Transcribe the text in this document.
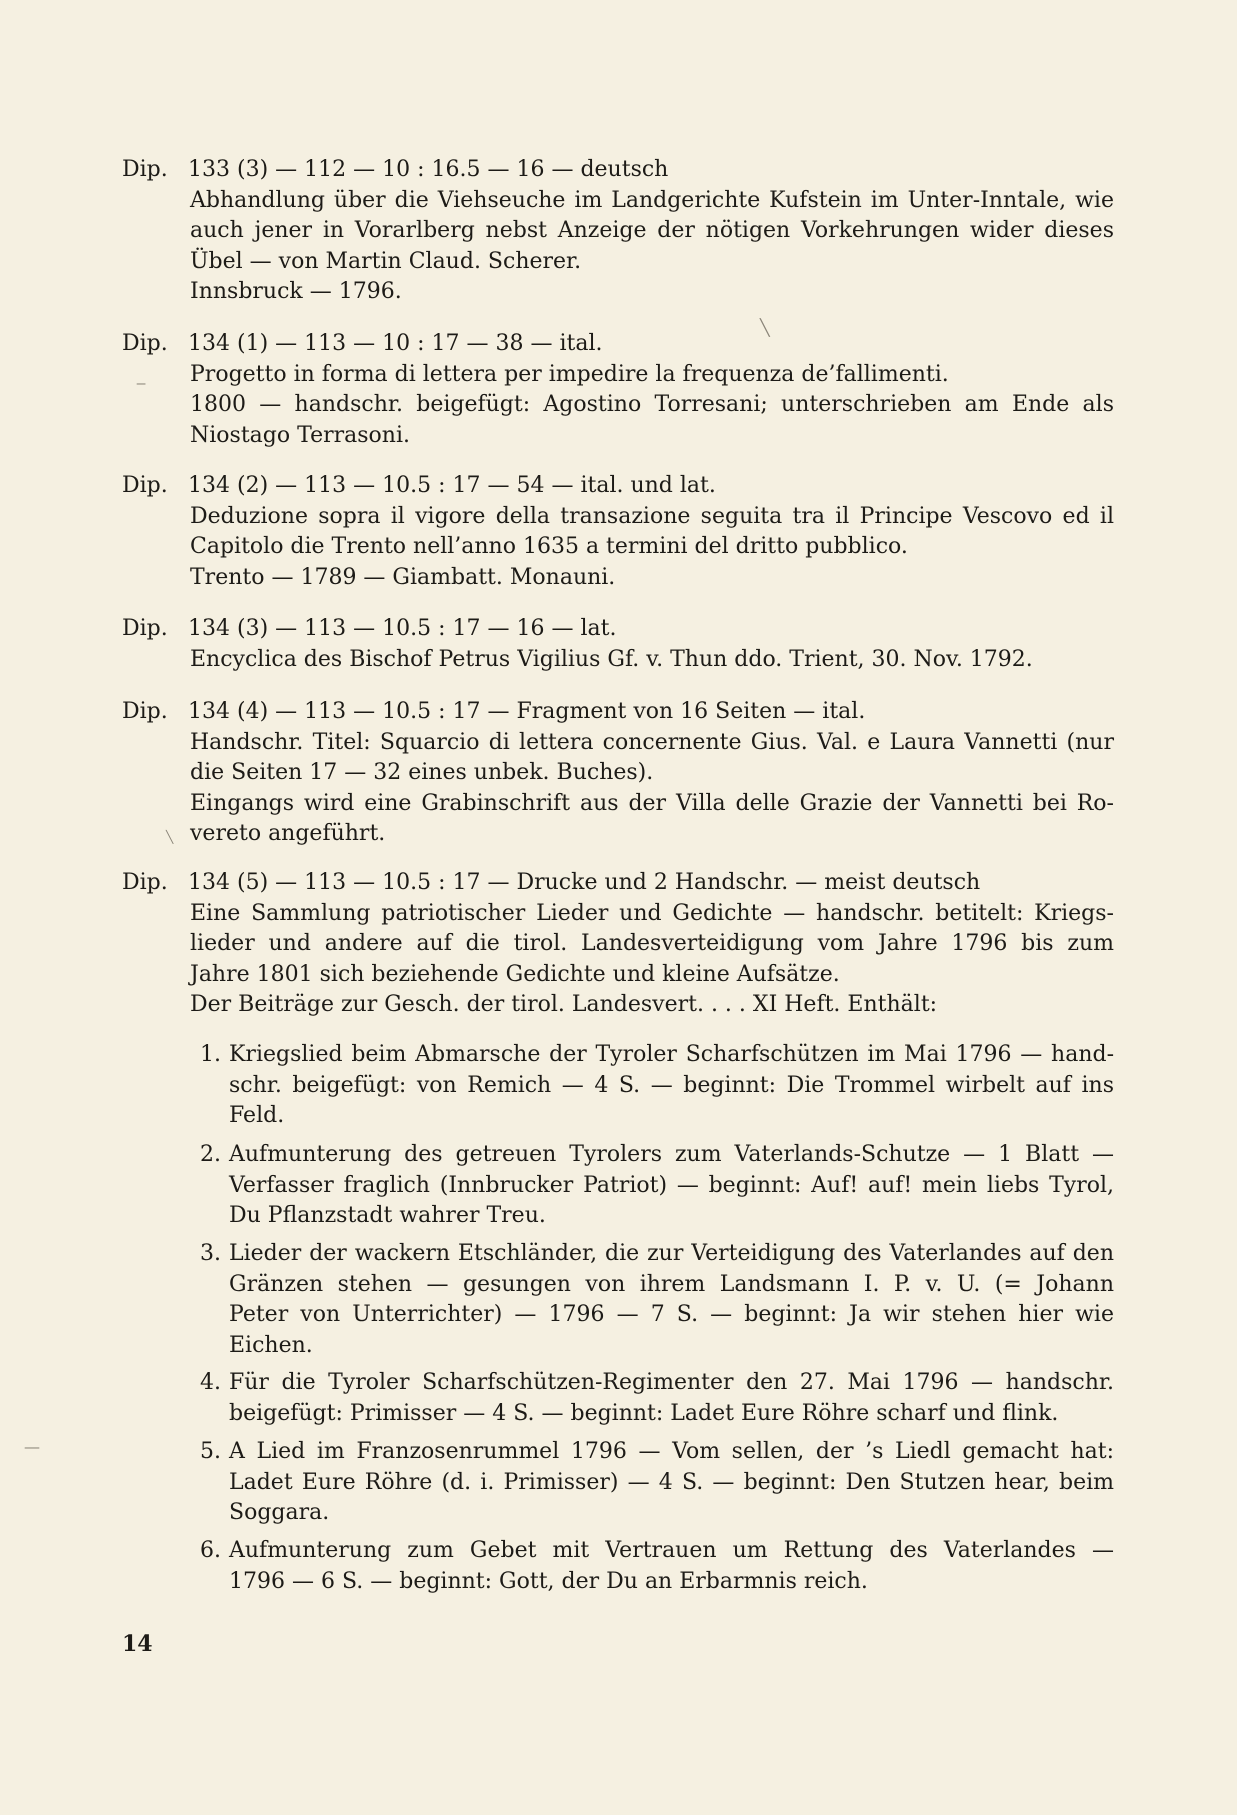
Dip. 133 (3) — 112 — 10 : 16.5 — 16 — deutsch
Abhandlung über die Viehseuche im Landgerichte Kufstein im Unter-Inntale, wie
auch jener in Vorarlberg nebst Anzeige der nötigen Vorkehrungen wider dieses
Übel — von Martin Claud. Scherer.
Innsbruck — 1796.
Dip. 134 (1) — 113 — 10 : 17 — 38 — ital.
Progetto in forma di lettera per impedire la frequenza de’fallimenti.
1800 — handschr. beigefügt: Agostino Torresani; unterschrieben am Ende als
Niostago Terrasoni.
Dip. 134 (2) — 113 — 10.5 : 17 — 54 — ital. und lat.
Deduzione sopra il vigore della transazione seguita tra il Principe Vescovo ed il
Capitolo die Trento nell’anno 1635 a termini del dritto pubblico.
Trento — 1789 — Giambatt. Monauni.
Dip. 134 (3) — 113 — 10.5 : 17 — 16 — lat.
Encyclica des Bischof Petrus Vigilius Gf. v. Thun ddo. Trient, 30. Nov. 1792.
Dip. 134 (4) — 113 — 10.5 : 17 — Fragment von 16 Seiten — ital.
Handschr. Titel: Squarcio di lettera concernente Gius. Val. e Laura Vannetti (nur
die Seiten 17 — 32 eines unbek. Buches).
Eingangs wird eine Grabinschrift aus der Villa delle Grazie der Vannetti bei Ro-
vereto angeführt.
Dip. 134 (5) — 113 — 10.5 : 17 — Drucke und 2 Handschr. — meist deutsch
Eine Sammlung patriotischer Lieder und Gedichte — handschr. betitelt: Kriegs-
lieder und andere auf die tirol. Landesverteidigung vom Jahre 1796 bis zum
Jahre 1801 sich beziehende Gedichte und kleine Aufsätze.
Der Beiträge zur Gesch. der tirol. Landesvert. . . . XI Heft. Enthält:
1. Kriegslied beim Abmarsche der Tyroler Scharfschützen im Mai 1796 — hand-
schr. beigefügt: von Remich — 4 S. — beginnt: Die Trommel wirbelt auf ins
Feld.
2. Aufmunterung des getreuen Tyrolers zum Vaterlands-Schutze — 1 Blatt —
Verfasser fraglich (Innbrucker Patriot) — beginnt: Auf! auf! mein liebs Tyrol,
Du Pflanzstadt wahrer Treu.
3. Lieder der wackern Etschländer, die zur Verteidigung des Vaterlandes auf den
Gränzen stehen — gesungen von ihrem Landsmann I. P. v. U. (= Johann
Peter von Unterrichter) — 1796 — 7 S. — beginnt: Ja wir stehen hier wie
Eichen.
4. Für die Tyroler Scharfschützen-Regimenter den 27. Mai 1796 — handschr.
beigefügt: Primisser — 4 S. — beginnt: Ladet Eure Röhre scharf und flink.
5. A Lied im Franzosenrummel 1796 — Vom sellen, der ’s Liedl gemacht hat:
Ladet Eure Röhre (d. i. Primisser) — 4 S. — beginnt: Den Stutzen hear, beim
Soggara.
6. Aufmunterung zum Gebet mit Vertrauen um Rettung des Vaterlandes —
1796 — 6 S. — beginnt: Gott, der Du an Erbarmnis reich.
14
╲
‒
╲
—
